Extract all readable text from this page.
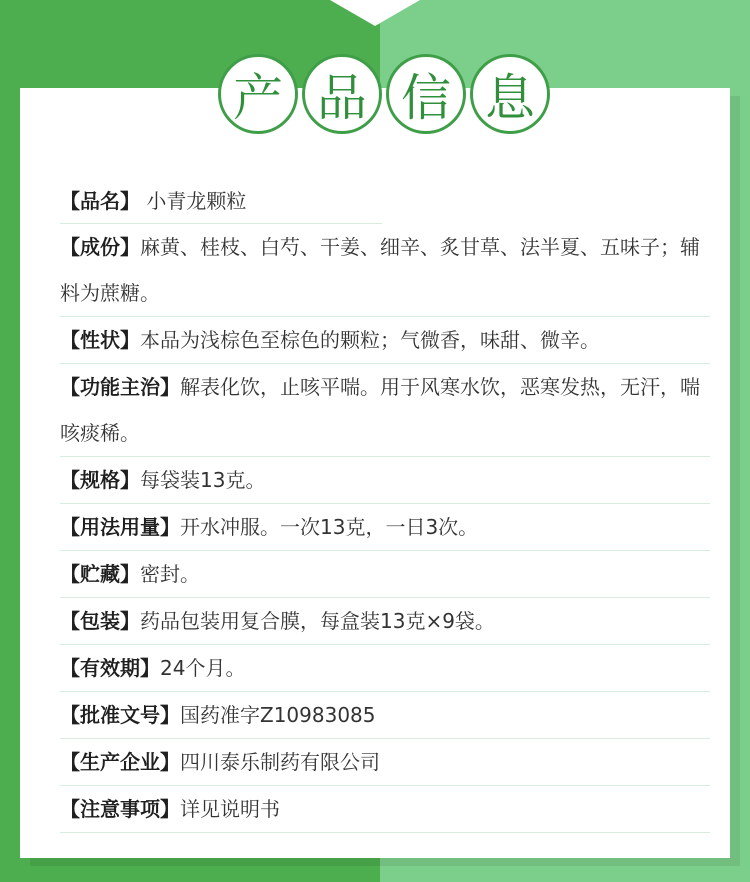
产 品 信 息
【品名】 小青龙颗粒
【成份】麻黄、桂枝、白芍、干姜、细辛、炙甘草、法半夏、五味子；辅料为蔗糖。
【性状】本品为浅棕色至棕色的颗粒；气微香，味甜、微辛。
【功能主治】解表化饮，止咳平喘。用于风寒水饮，恶寒发热，无汗，喘咳痰稀。
【规格】每袋装13克。
【用法用量】开水冲服。一次13克，一日3次。
【贮藏】密封。
【包装】药品包装用复合膜，每盒装13克×9袋。
【有效期】24个月。
【批准文号】国药准字Z10983085
【生产企业】四川泰乐制药有限公司
【注意事项】详见说明书
